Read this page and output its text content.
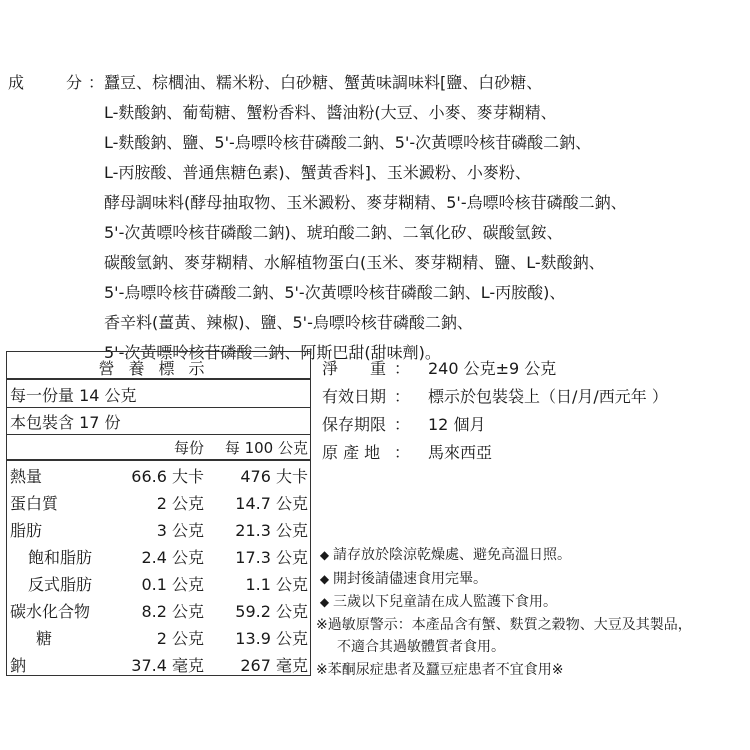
成	分 ： 蠶豆、棕櫚油、糯米粉、白砂糖、蟹黃味調味料[鹽、白砂糖、
L-麩酸鈉、葡萄糖、蟹粉香料、醬油粉(大豆、小麥、麥芽糊精、
L-麩酸鈉、鹽、5'-烏嘌呤核苷磷酸二鈉、5'-次黃嘌呤核苷磷酸二鈉、
L-丙胺酸、普通焦糖色素)、蟹黃香料]、玉米澱粉、小麥粉、
酵母調味料(酵母抽取物、玉米澱粉、麥芽糊精、5'-烏嘌呤核苷磷酸二鈉、
5'-次黃嘌呤核苷磷酸二鈉)、琥珀酸二鈉、二氧化矽、碳酸氫銨、
碳酸氫鈉、麥芽糊精、水解植物蛋白(玉米、麥芽糊精、鹽、L-麩酸鈉、
5'-烏嘌呤核苷磷酸二鈉、5'-次黃嘌呤核苷磷酸二鈉、L-丙胺酸)、
香辛料(薑黃、辣椒)、鹽、5'-烏嘌呤核苷磷酸二鈉、
5'-次黃嘌呤核苷磷酸二鈉、阿斯巴甜(甜味劑)。
營養標示
每一份量 14 公克
本包裝含 17 份
每份 每 100 公克
熱量	66.6 大卡 476 大卡
蛋白質	2 公克 14.7 公克
脂肪	3 公克 21.3 公克
飽和脂肪	2.4 公克 17.3 公克
反式脂肪	0.1 公克	1.1 公克
碳水化合物	8.2 公克 59.2 公克
糖	2 公克 13.9 公克
鈉	37.4 毫克 267 毫克
淨　　重 ： 240 公克±9 公克
有效日期 ： 標示於包裝袋上（日/月/西元年 ）
保存期限 ： 12 個月
原 產 地 ： 馬來西亞
◆ 請存放於陰涼乾燥處、避免高溫日照。
◆ 開封後請儘速食用完畢。
◆ 三歲以下兒童請在成人監護下食用。
※過敏原警示：本產品含有蟹、麩質之穀物、大豆及其製品，
不適合其過敏體質者食用。
※苯酮尿症患者及蠶豆症患者不宜食用※
